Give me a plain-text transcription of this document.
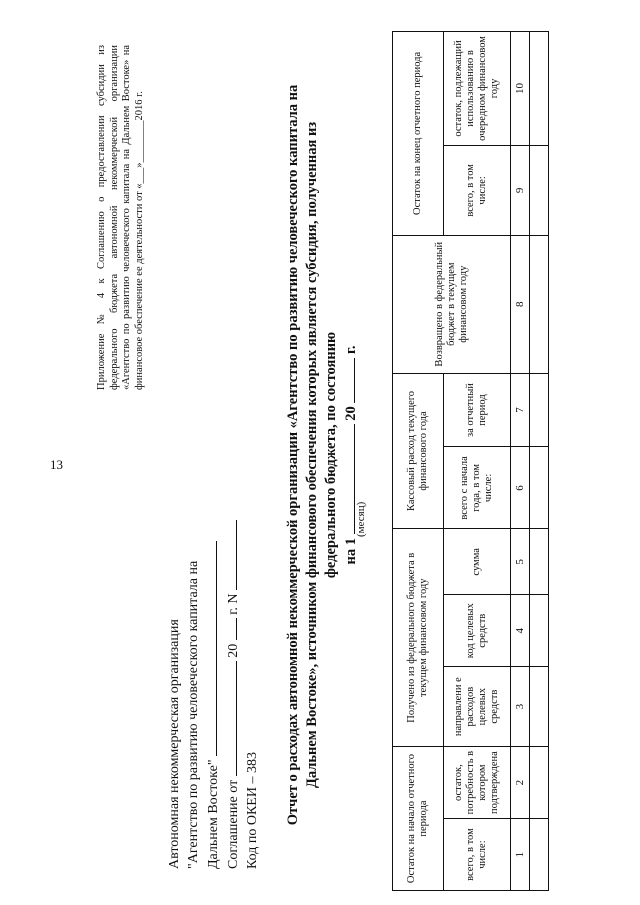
13
Приложение № 4 к Соглашению о предоставлении субсидии из федерального бюджета автономной некоммерческой организации «Агентство по развитию человеческого капитала на Дальнем Востоке» на финансовое обеспечение ее деятельности от «___»________2016 г.
Автономная некоммерческая организация "Агентство по развитию человеческого капитала на Дальнем Востоке" Соглашение от  20  г. N
Код по ОКЕИ – 383 Отчет о расходах автономной некоммерческой организации «Агентство по развитию человеческого капитала на Дальнем Востоке», источником финансового обеспечения которых является субсидия, полученная из федерального бюджета, по состоянию на 1  20  г.
(месяц)
Остаток на начало отчетного периода		Получено из федерального бюджета в текущем финансовом году			Кассовый расход текущего финансового года		Возвращено в федеральный бюджет в текущем финансовом году	Остаток на конец отчетного периода	
всего, в том числе:	остаток, потребность в котором подтверждена	направлени е расходов целевых средств	код целевых средств	сумма	всего с начала года, в том числе:	за отчетный период		всего, в том числе:	остаток, подлежащий использованию в очередном финансовом году
1	2	3	4	5	6	7	8	9	10
